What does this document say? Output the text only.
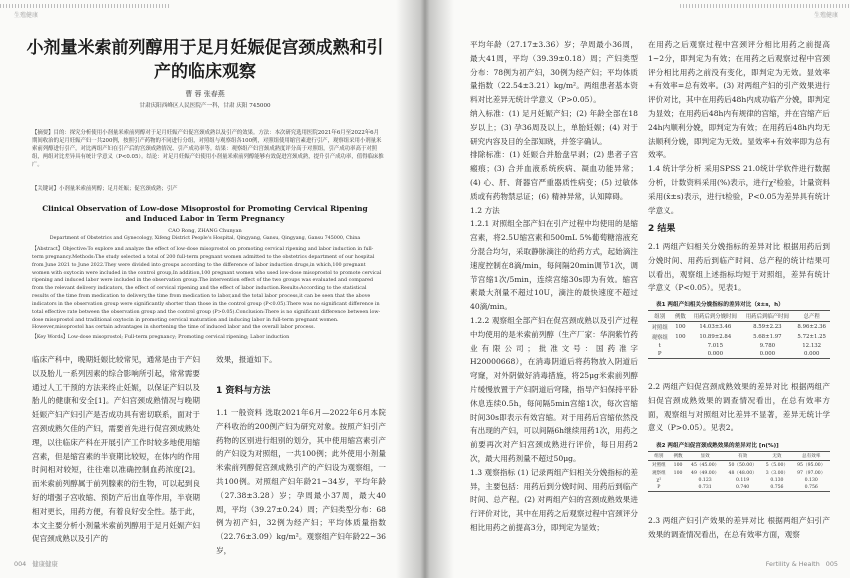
生殖健康
小剂量米索前列醇用于足月妊娠促宫颈成熟和引产的临床观察
曹 蓉 张春燕
甘肃庆阳西峰区人民医院产一科，甘肃 庆阳 745000
【摘要】目的：探究分析使用小剂量米索前列醇对于足月妊娠产妇促宫颈成熟以及引产的效果。方法：本次研究选用医院2021年6月至2022年6月期间收治的足月妊娠产妇一共200例，按照引产药物的不同进行分组，对照组与观察组各100例，对照组使用缩宫素进行引产，观察组采用小剂量米索前列醇进行引产，对比两组产妇在引产后的宫颈成熟情况、引产成功率等。结果：观察组产妇宫颈成熟度评分高于对照组，引产成功率高于对照组，两组对比差异具有统计学意义（P<0.05）。结论：对足月妊娠产妇使用小剂量米索前列醇能够有效促进宫颈成熟，提升引产成功率，值得临床推广。
【关键词】小剂量米索前列醇；足月妊娠；促宫颈成熟；引产
Clinical Observation of Low-dose Misoprostol for Promoting Cervical Ripening and Induced Labor in Term Pregnancy
CAO Rong, ZHANG Chunyan
Department of Obstetrics and Gynecology, Xifeng District People's Hospital, Qingyang, Gansu, Qingyang, Gansu 745000, China
【Abstract】Objective:To explore and analyze the effect of low-dose misoprostol on promoting cervical ripening and labor induction in full-term pregnancy.Methods:The study selected a total of 200 full-term pregnant women admitted to the obstetrics department of our hospital from June 2021 to June 2022.They were divided into groups according to the difference of labor induction drugs,in which,100 pregnant women with oxytocin were included in the control group,In addition,100 pregnant women who used low-dose misoprostol to promote cervical ripening and induced labor were included in the observation group.The intervention effect of the two groups was evaluated and compared from the relevant delivery indicators, the effect of cervical ripening and the effect of labor induction.Results:According to the statistical results of the time from medication to delivery,the time from medication to labor,and the total labor process,it can be seen that the above indicators in the observation group were significantly shorter than those in the control group (P<0.05).There was no significant difference in total effective rate between the observation group and the control group (P>0.05).Conclusion:There is no significant difference between low-dose misoprostol and traditional oxytocin in promoting cervical maturation and inducing labor in full-term pregnant women. However,misoprostol has certain advantages in shortening the time of induced labor and the overall labor process.
【Key Words】Low-dose misoprostol; Full-term pregnancy; Promoting cervical ripening; Labor induction
临床产科中，晚期妊娠比较常见，通常是由于产妇以及胎儿一系列因素的综合影响所引起，常常需要通过人工干预的方法来终止妊娠，以保证产妇以及胎儿的健康和安全[1]。产妇宫颈成熟情况与晚期妊娠产妇产妇引产是否成功具有密切联系，面对于宫颈成熟欠佳的产妇，需要首先进行促宫颈成熟处理，以往临床产科在开展引产工作时较多地使用缩宫素，但是缩宫素的半衰期比较短，在体内的作用时间相对较短，往往难以准确控制血药浓度[2]。而米索前列醇属于前列腺素的衍生物，可以起到良好的增强子宫收缩、预防产后出血等作用，半衰期相对更长，用药方便，有着良好安全性。基于此，本文主要分析小剂量米索前列醇用于足月妊娠产妇促宫颈成熟以及引产的
效果，报道如下。
1 资料与方法
1.1 一般资料 选取2021年6月—2022年6月本院产科收治的200例产妇为研究对象。按照产妇引产药物的区别进行组别的划分，其中使用缩宫素引产的产妇设为对照组，一共100例；此外使用小剂量米索前列醇促宫颈成熟引产的产妇设为观察组，一共100例。对照组产妇年龄21~34岁，平均年龄（27.38±3.28）岁；孕周最小37周，最大40周，平均（39.27±0.24）周；产妇类型分布：68例为初产妇，32例为经产妇；平均体质量指数（22.76±3.09）kg/m²。观察组产妇年龄22~36岁，
004 健康健康
生殖健康
平均年龄（27.17±3.36）岁；孕周最小36周，最大41周，平均（39.39±0.18）周；产妇类型分布：78例为初产妇，30例为经产妇；平均体质量指数（22.54±3.21）kg/m²。两组患者基本资料对比差异无统计学意义（P>0.05）。
纳入标准：(1) 足月妊娠产妇；(2) 年龄全部在18岁以上；(3) 孕36周及以上，单胎妊娠；(4) 对于研究内容及目的全部知晓，并签字确认。
排除标准：(1) 妊娠合并胎盘早剥；(2) 患者子宫瘢痕；(3) 合并血液系统疾病、凝血功能异常；(4) 心、肝、肾器官严重器质性病变；(5) 过敏体质或有药物禁忌证；(6) 精神异常，认知障碍。
1.2 方法
1.2.1 对照组全部产妇在引产过程中均使用的是缩宫素，将2.5U缩宫素和500mL 5%葡萄糖溶液充分混合均匀，采取静脉滴注的给药方式，起始滴注速度控制在8滴/min，每间隔20min调节1次，调节宫缩1次/5min，连续宫缩30s即为有效。缩宫素最大剂量不超过10U，滴注的最快速度不超过40滴/min。
1.2.2 观察组全部产妇在促宫颈成熟以及引产过程中均使用的是米索前列醇（生产厂家：华润紫竹药业有限公司；批准文号：国药准字H20000668），在消毒阴道后将药物放入阴道后穹窿，对外阴做好消毒措施，将25μg米索前列醇片缓慢放置于产妇阴道后穹隆，指导产妇保持平卧休息连续0.5h，每间隔5min宫缩1次，每次宫缩时间30s即表示有效宫缩。对于用药后宫缩依然没有出现的产妇，可以间隔6h继续用药1次，用药之前要再次对产妇宫颈成熟进行评价，每日用药2次，最大用药剂量不超过50μg。
1.3 观察指标 (1) 记录两组产妇相关分娩指标的差异，主要包括：用药后到分娩时间、用药后到临产时间、总产程。(2) 对两组产妇的宫颈成熟效果进行评价对比，其中在用药之后观察过程中宫颈评分相比用药之前提高3分，即判定为显效；
在用药之后观察过程中宫颈评分相比用药之前提高1~2分，即判定为有效；在用药之后观察过程中宫颈评分相比用药之前没有变化，即判定为无效。显效率+有效率=总有效率。(3) 对两组产妇的引产效果进行评价对比，其中在用药后48h内成功临产分娩，即判定为显效；在用药后48h内有规律的宫缩，并在宫缩产后24h内顺利分娩，即判定为有效；在用药后48h内均无法顺利分娩，即判定为无效。显效率+有效率即为总有效率。
1.4 统计学分析 采用SPSS 21.0统计学软件进行数据分析，计数资料采用(%)表示，进行χ²检验，计量资料采用(x̄±s)表示，进行t检验，P<0.05为差异具有统计学意义。
2 结果
2.1 两组产妇相关分娩指标的差异对比 根据用药后到分娩时间、用药后到临产时间、总产程的统计结果可以看出，观察组上述指标均短于对照组，差异有统计学意义（P<0.05）。见表1。
表1 两组产妇相关分娩指标的差异对比（x̄±s，h）
组别	例数	用药后到分娩时间	用药后到临产时间	总产程
对照组	100	14.03±3.46	8.59±2.23	8.96±2.36
观察组	100	10.89±2.84	5.68±1.97	5.72±1.25
t		7.015	9.780	12.132
P		0.000	0.000	0.000
2.2 两组产妇促宫颈成熟效果的差异对比 根据两组产妇促宫颈成熟效果的调查情况看出，在总有效率方面，观察组与对照组对比差异不显著，差异无统计学意义（P>0.05）。见表2。
表2 两组产妇促宫颈成熟效果的差异对比 [n(%)]
组别	例数	显效	有效	无效	总有效率
对照组	100	45（45.00）	50（50.00）	5（5.00）	95（95.00）
观察组	100	49（49.00）	48（48.00）	3（3.00）	97（97.00）
χ²		0.123	0.119	0.130	0.130
P		0.731	0.740	0.756	0.756
2.3 两组产妇引产效果的差异对比 根据两组产妇引产效果的调查情况看出，在总有效率方面，观察
Fertility & Health 005
